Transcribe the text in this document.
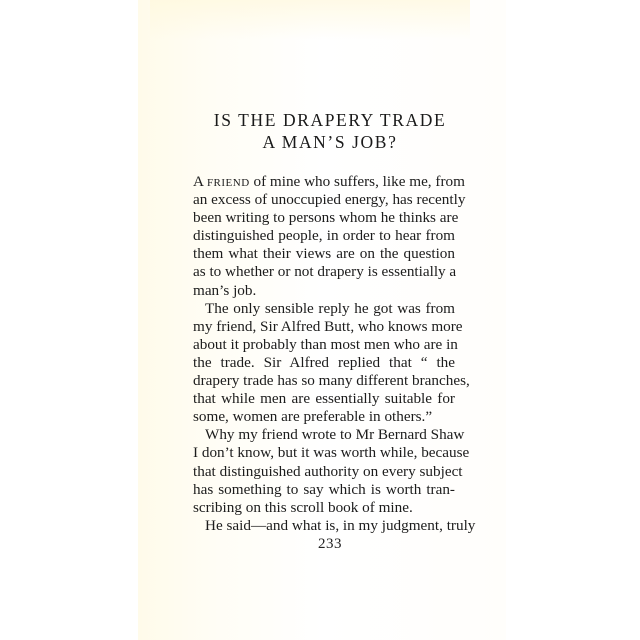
IS THE DRAPERY TRADE
A MAN’S JOB?
A friend of mine who suffers, like me, from
an excess of unoccupied energy, has recently
been writing to persons whom he thinks are
distinguished people, in order to hear from
them what their views are on the question
as to whether or not drapery is essentially a
man’s job.
The only sensible reply he got was from
my friend, Sir Alfred Butt, who knows more
about it probably than most men who are in
the trade. Sir Alfred replied that “ the
drapery trade has so many different branches,
that while men are essentially suitable for
some, women are preferable in others.”
Why my friend wrote to Mr Bernard Shaw
I don’t know, but it was worth while, because
that distinguished authority on every subject
has something to say which is worth tran-
scribing on this scroll book of mine.
He said—and what is, in my judgment, truly
233
